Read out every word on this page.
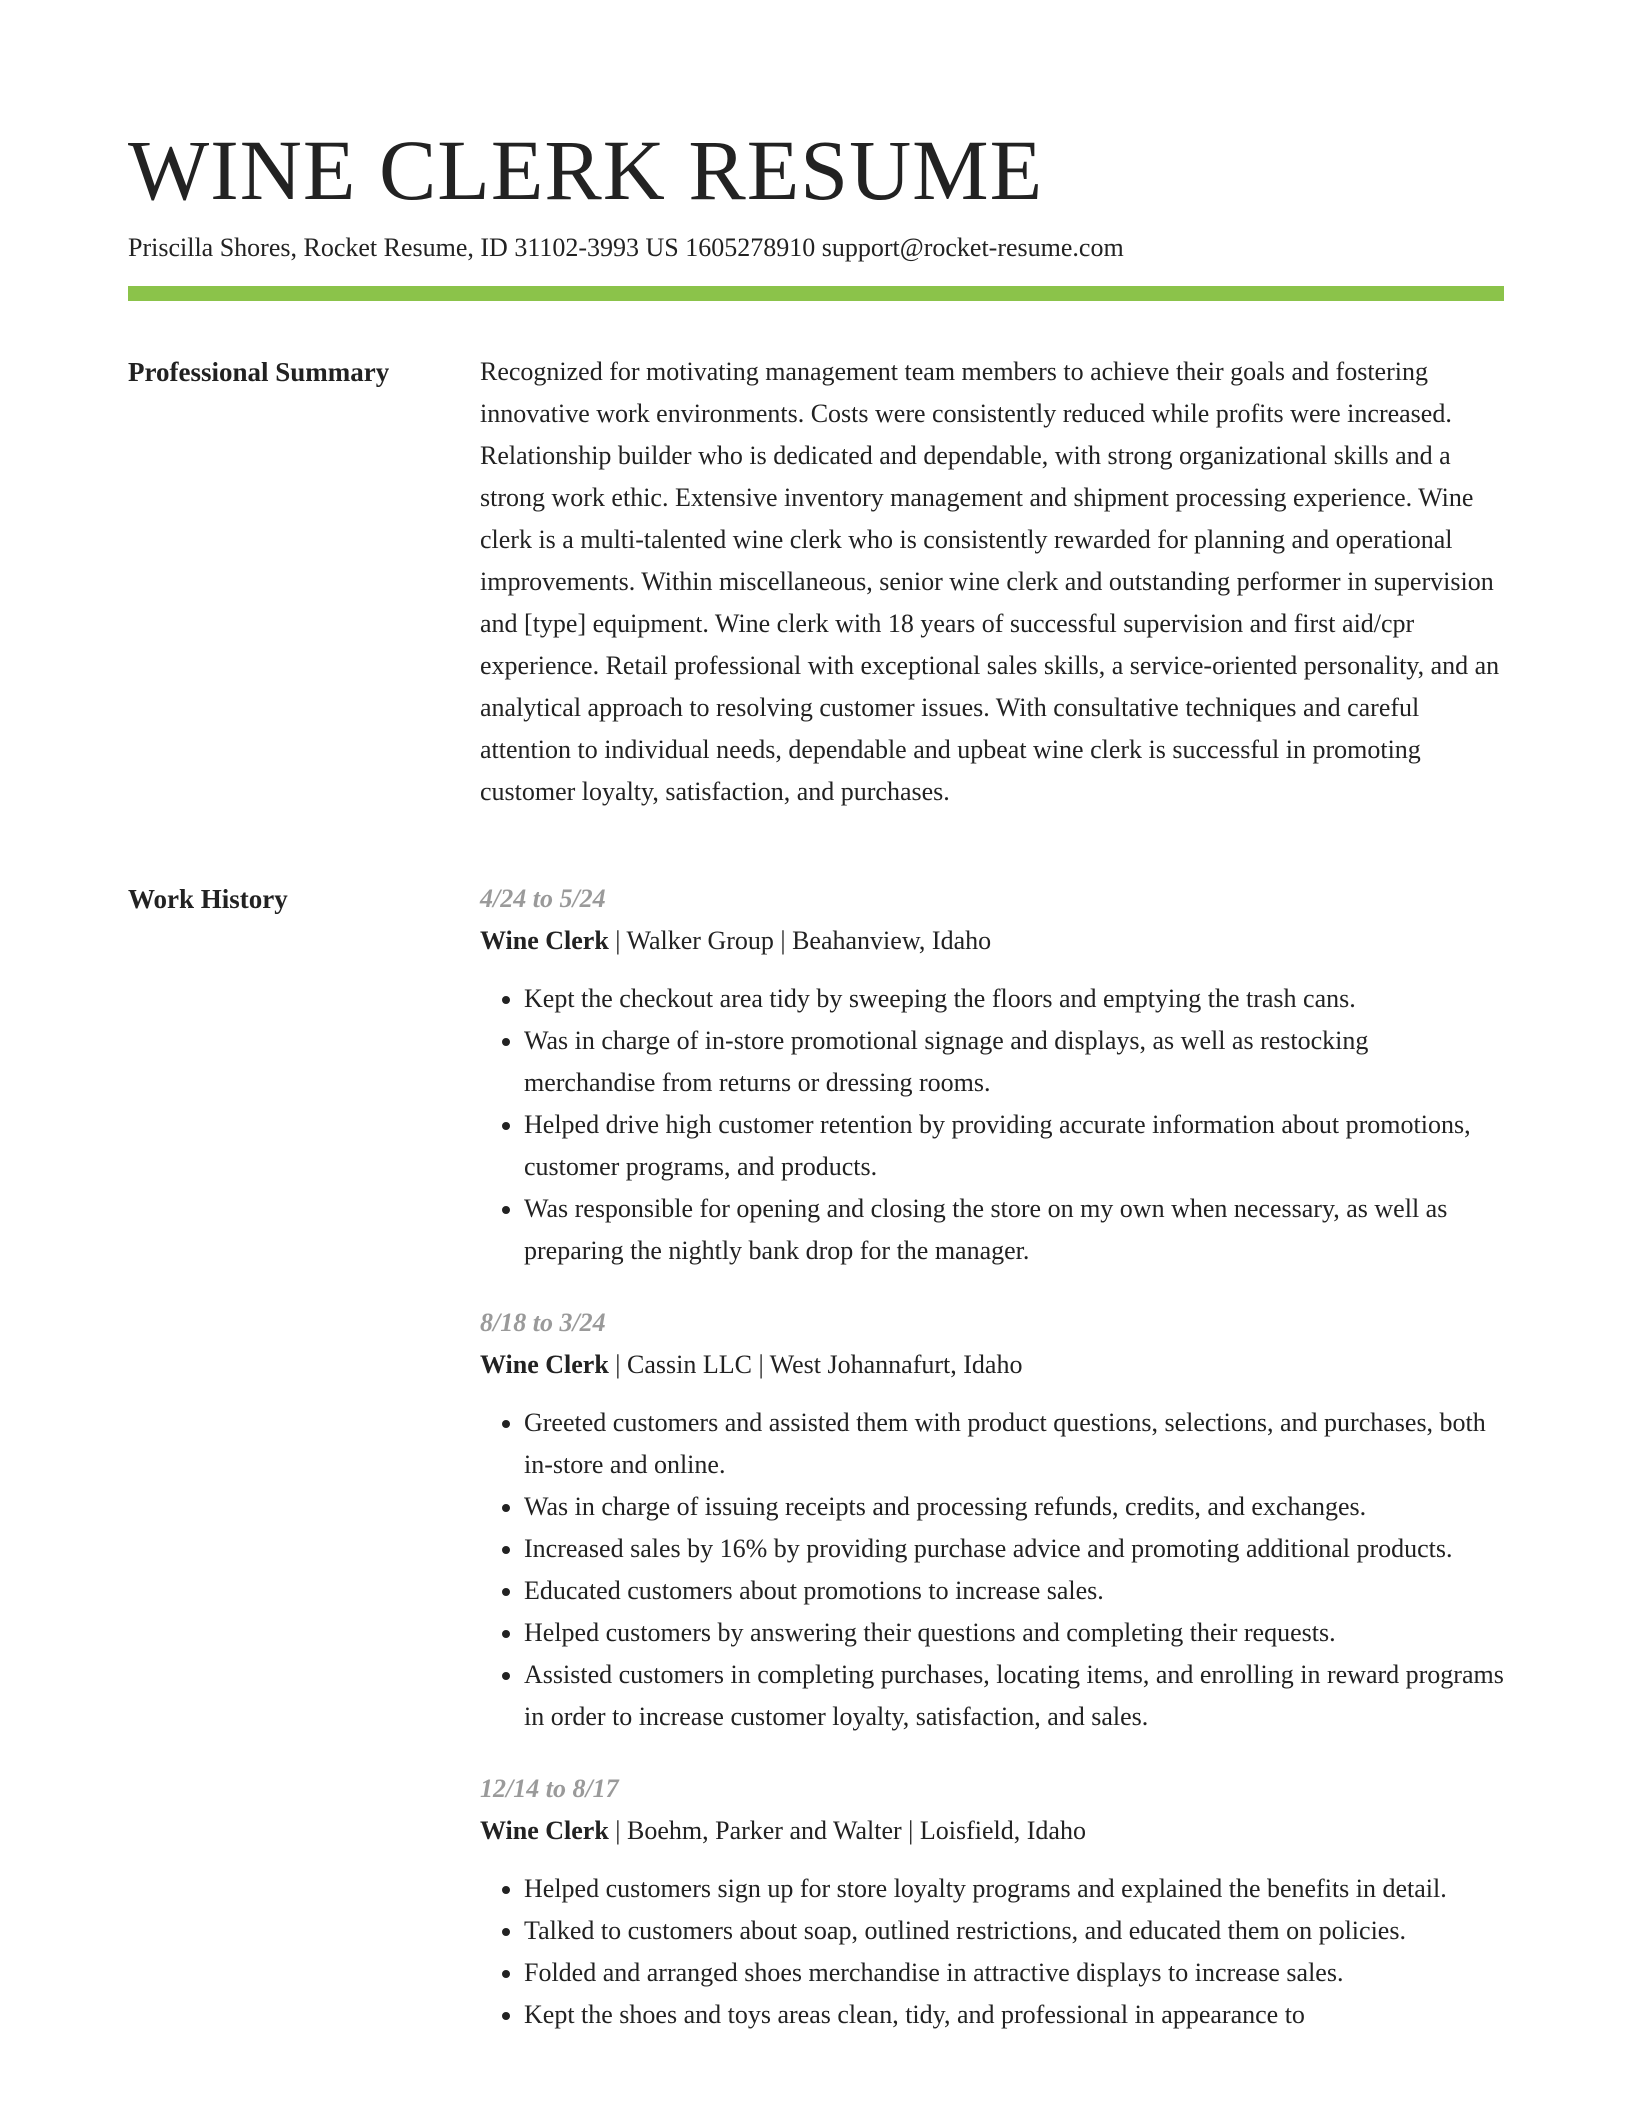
WINE CLERK RESUME
Priscilla Shores, Rocket Resume, ID 31102-3993 US 1605278910 support@rocket-resume.com
Professional Summary	Recognized for motivating management team members to achieve their goals and fostering innovative work environments. Costs were consistently reduced while profits were increased. Relationship builder who is dedicated and dependable, with strong organizational skills and a strong work ethic. Extensive inventory management and shipment processing experience. Wine clerk is a multi-talented wine clerk who is consistently rewarded for planning and operational improvements. Within miscellaneous, senior wine clerk and outstanding performer in supervision and [type] equipment. Wine clerk with 18 years of successful supervision and first aid/cpr experience. Retail professional with exceptional sales skills, a service-oriented personality, and an analytical approach to resolving customer issues. With consultative techniques and careful attention to individual needs, dependable and upbeat wine clerk is successful in promoting customer loyalty, satisfaction, and purchases.

Work History	4/24 to 5/24
Wine Clerk | Walker Group | Beahanview, Idaho
• Kept the checkout area tidy by sweeping the floors and emptying the trash cans.
• Was in charge of in-store promotional signage and displays, as well as restocking merchandise from returns or dressing rooms.
• Helped drive high customer retention by providing accurate information about promotions, customer programs, and products.
• Was responsible for opening and closing the store on my own when necessary, as well as preparing the nightly bank drop for the manager.
8/18 to 3/24
Wine Clerk | Cassin LLC | West Johannafurt, Idaho
• Greeted customers and assisted them with product questions, selections, and purchases, both in-store and online.
• Was in charge of issuing receipts and processing refunds, credits, and exchanges.
• Increased sales by 16% by providing purchase advice and promoting additional products.
• Educated customers about promotions to increase sales.
• Helped customers by answering their questions and completing their requests.
• Assisted customers in completing purchases, locating items, and enrolling in reward programs in order to increase customer loyalty, satisfaction, and sales.
12/14 to 8/17
Wine Clerk | Boehm, Parker and Walter | Loisfield, Idaho
• Helped customers sign up for store loyalty programs and explained the benefits in detail.
• Talked to customers about soap, outlined restrictions, and educated them on policies.
• Folded and arranged shoes merchandise in attractive displays to increase sales.
• Kept the shoes and toys areas clean, tidy, and professional in appearance to
